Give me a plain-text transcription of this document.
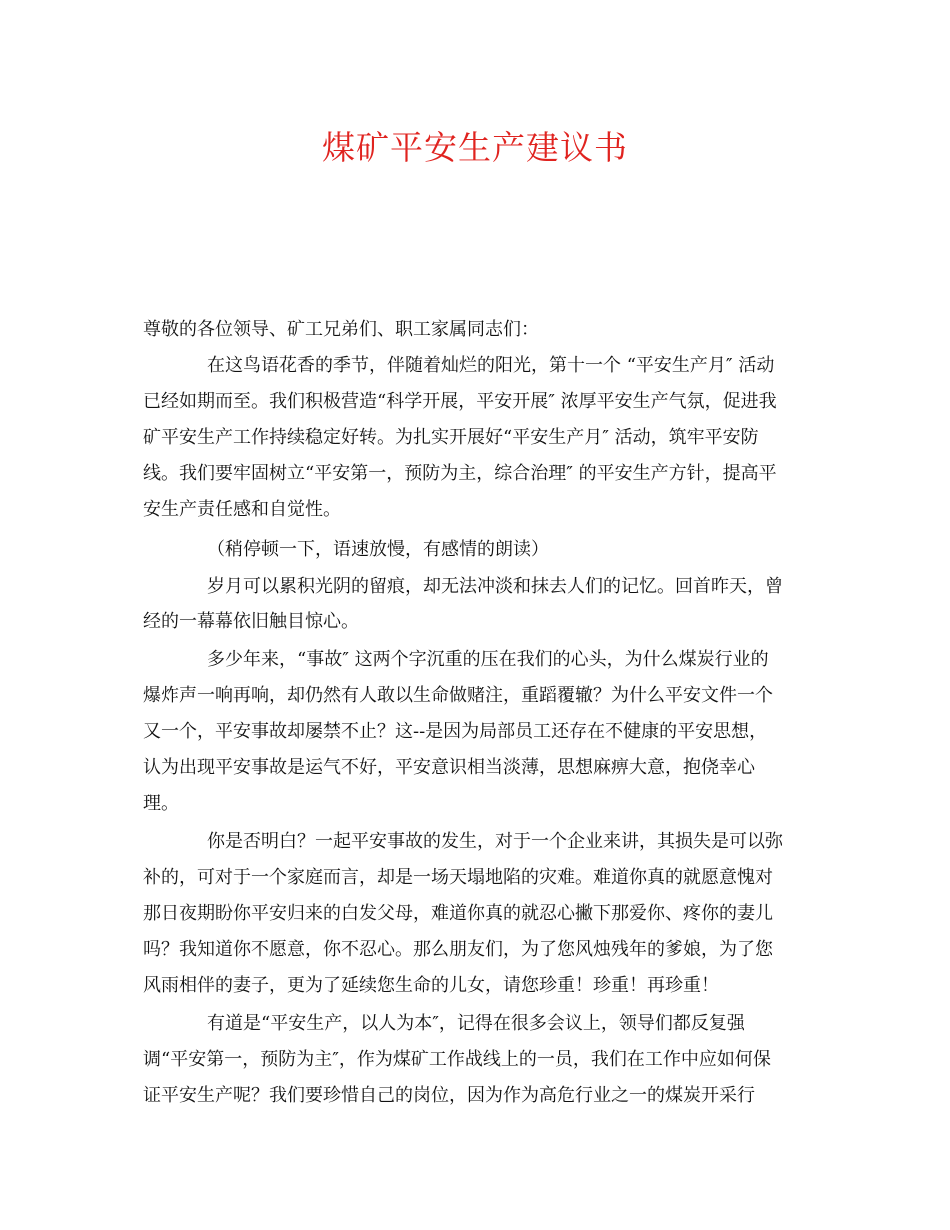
煤矿平安生产建议书
尊敬的各位领导、矿工兄弟们、职工家属同志们：
在这鸟语花香的季节，伴随着灿烂的阳光，第十一个 “平安生产月″ 活动
已经如期而至。我们积极营造“科学开展，平安开展″ 浓厚平安生产气氛，促进我
矿平安生产工作持续稳定好转。为扎实开展好“平安生产月″ 活动，筑牢平安防
线。我们要牢固树立“平安第一，预防为主，综合治理″ 的平安生产方针，提高平
安生产责任感和自觉性。
（稍停顿一下，语速放慢，有感情的朗读）
岁月可以累积光阴的留痕，却无法冲淡和抹去人们的记忆。回首昨天，曾
经的一幕幕依旧触目惊心。
多少年来，“事故″ 这两个字沉重的压在我们的心头，为什么煤炭行业的
爆炸声一响再响，却仍然有人敢以生命做赌注，重蹈覆辙？为什么平安文件一个
又一个，平安事故却屡禁不止？这--是因为局部员工还存在不健康的平安思想，
认为出现平安事故是运气不好，平安意识相当淡薄，思想麻痹大意，抱侥幸心
理。
你是否明白？一起平安事故的发生，对于一个企业来讲，其损失是可以弥
补的，可对于一个家庭而言，却是一场天塌地陷的灾难。难道你真的就愿意愧对
那日夜期盼你平安归来的白发父母，难道你真的就忍心撇下那爱你、疼你的妻儿
吗？我知道你不愿意，你不忍心。那么朋友们，为了您风烛残年的爹娘，为了您
风雨相伴的妻子，更为了延续您生命的儿女，请您珍重！珍重！再珍重！
有道是“平安生产，以人为本″，记得在很多会议上，领导们都反复强
调“平安第一，预防为主″，作为煤矿工作战线上的一员，我们在工作中应如何保
证平安生产呢？我们要珍惜自己的岗位，因为作为高危行业之一的煤炭开采行
